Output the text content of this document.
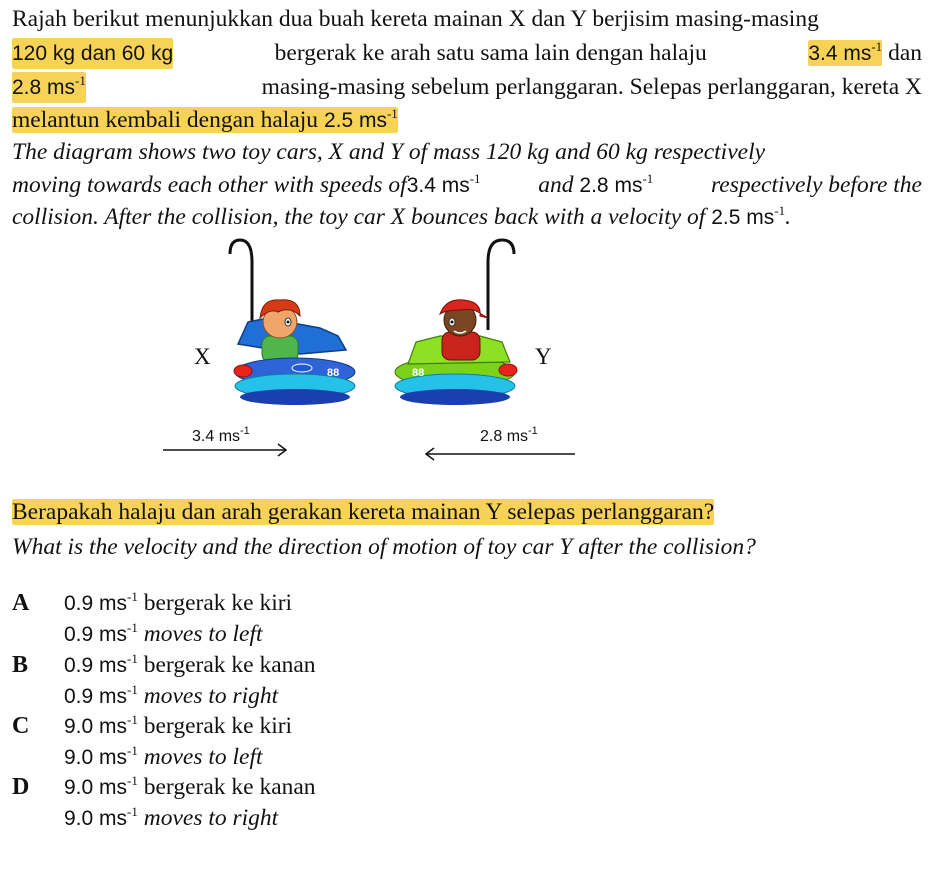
Rajah berikut menunjukkan dua buah kereta mainan X dan Y berjisim masing-masing
120 kg dan 60 kg	bergerak ke arah satu sama lain dengan halaju	3.4 $ms^{-1}$ dan
2.8 $ms^{-1}$	masing-masing sebelum perlanggaran. Selepas perlanggaran, kereta X
melantun kembali dengan halaju 2.5 $ms^{-1}$
The diagram shows two toy cars, X and Y of mass 120 kg and 60 kg respectively
moving towards each other with speeds of3.4 $ms^{-1}$ and 2.8 $ms^{-1}$ respectively before the
collision. After the collision, the toy car X bounces back with a velocity of 2.5 $ms^{-1}$.
88	88
X	Y
3.4 $ms^{-1}$	2.8 $ms^{-1}$
Berapakah halaju dan arah gerakan kereta mainan Y selepas perlanggaran?
What is the velocity and the direction of motion of toy car Y after the collision?
A 0.9 $ms^{-1}$ bergerak ke kiri
0.9 $ms^{-1}$ moves to left
B 0.9 $ms^{-1}$ bergerak ke kanan
0.9 $ms^{-1}$ moves to right
C 9.0 $ms^{-1}$ bergerak ke kiri
9.0 $ms^{-1}$ moves to left
D 9.0 $ms^{-1}$ bergerak ke kanan
9.0 $ms^{-1}$ moves to right
